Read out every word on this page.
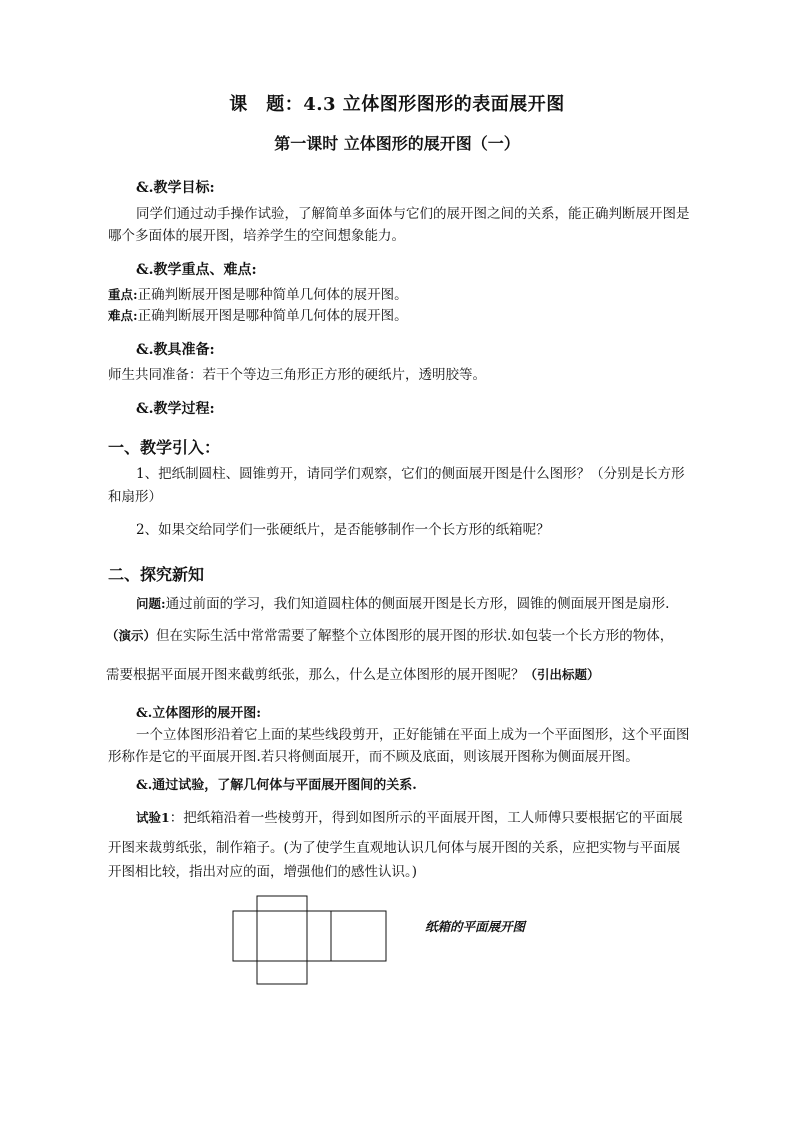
课　题：4.3 立体图形图形的表面展开图
第一课时 立体图形的展开图（一）
&.教学目标:
同学们通过动手操作试验，了解简单多面体与它们的展开图之间的关系，能正确判断展开图是
哪个多面体的展开图，培养学生的空间想象能力。
&.教学重点、难点:
重点:正确判断展开图是哪种简单几何体的展开图。
难点:正确判断展开图是哪种简单几何体的展开图。
&.教具准备:
师生共同准备：若干个等边三角形正方形的硬纸片，透明胶等。
&.教学过程:
一、教学引入：
1、把纸制圆柱、圆锥剪开，请同学们观察，它们的侧面展开图是什么图形？（分别是长方形
和扇形）
2、如果交给同学们一张硬纸片，是否能够制作一个长方形的纸箱呢？
二、探究新知
问题:通过前面的学习，我们知道圆柱体的侧面展开图是长方形，圆锥的侧面展开图是扇形.
（演示）但在实际生活中常常需要了解整个立体图形的展开图的形状.如包装一个长方形的物体，
需要根据平面展开图来截剪纸张，那么，什么是立体图形的展开图呢？（引出标题）
&.立体图形的展开图:
一个立体图形沿着它上面的某些线段剪开，正好能铺在平面上成为一个平面图形，这个平面图
形称作是它的平面展开图.若只将侧面展开，而不顾及底面，则该展开图称为侧面展开图。
&.通过试验，了解几何体与平面展开图间的关系.
试验1：把纸箱沿着一些棱剪开，得到如图所示的平面展开图，工人师傅只要根据它的平面展
开图来裁剪纸张，制作箱子。(为了使学生直观地认识几何体与展开图的关系，应把实物与平面展
开图相比较，指出对应的面，增强他们的感性认识。)
纸箱的平面展开图
